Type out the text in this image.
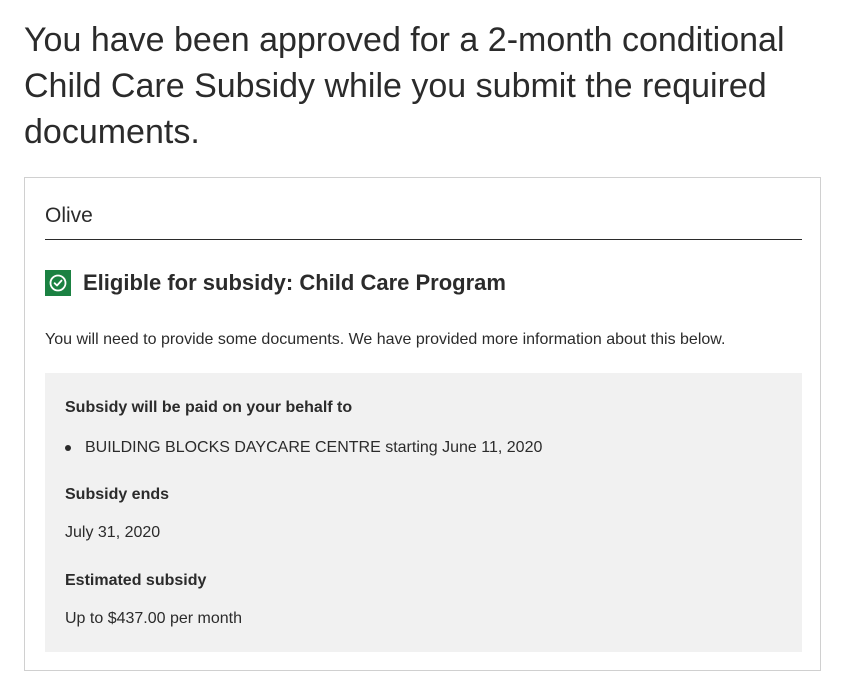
You have been approved for a 2-month conditional Child Care Subsidy while you submit the required documents.
Olive
Eligible for subsidy: Child Care Program
You will need to provide some documents. We have provided more information about this below.
Subsidy will be paid on your behalf to
BUILDING BLOCKS DAYCARE CENTRE starting June 11, 2020
Subsidy ends
July 31, 2020
Estimated subsidy
Up to $437.00 per month
